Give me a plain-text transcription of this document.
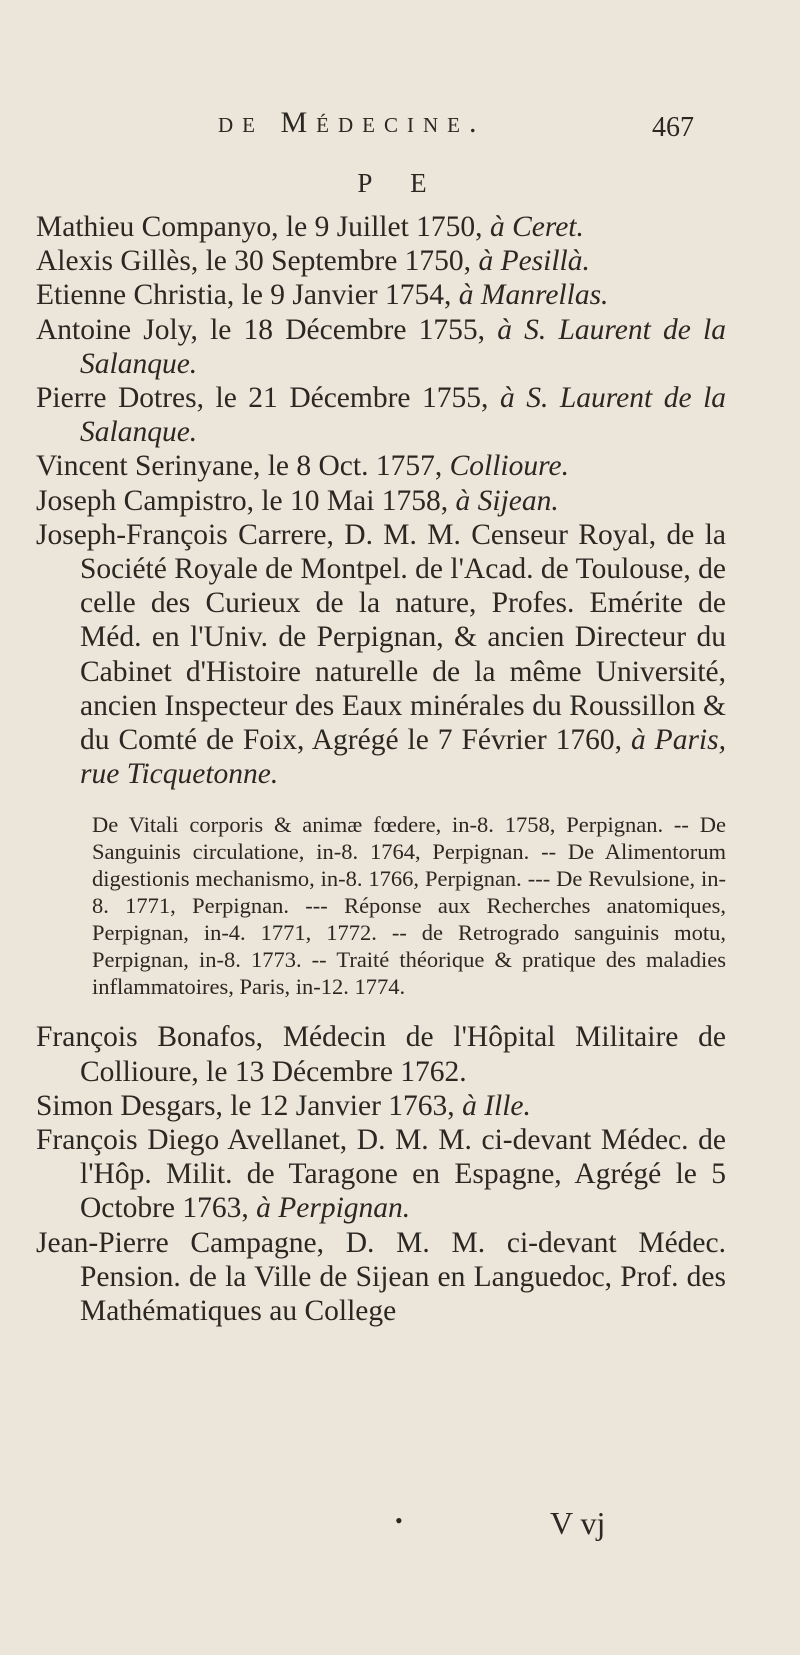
de Médecine.	467
P E
Mathieu Companyo, le 9 Juillet 1750, à Ceret.
Alexis Gillès, le 30 Septembre 1750, à Pesillà.
Etienne Christia, le 9 Janvier 1754, à Manrellas.
Antoine Joly, le 18 Décembre 1755, à S. Laurent de la Salanque.
Pierre Dotres, le 21 Décembre 1755, à S. Laurent de la Salanque.
Vincent Serinyane, le 8 Oct. 1757, Collioure.
Joseph Campistro, le 10 Mai 1758, à Sijean.
Joseph-François Carrere, D. M. M. Censeur Royal, de la Société Royale de Montpel. de l'Acad. de Toulouse, de celle des Curieux de la nature, Profes. Emérite de Méd. en l'Univ. de Perpignan, & ancien Directeur du Cabinet d'Histoire naturelle de la même Université, ancien Inspecteur des Eaux minérales du Roussillon & du Comté de Foix, Agrégé le 7 Février 1760, à Paris, rue Ticquetonne.
De Vitali corporis & animæ fœdere, in-8. 1758, Perpignan. -- De Sanguinis circulatione, in-8. 1764, Perpignan. -- De Alimentorum digestionis mechanismo, in-8. 1766, Perpignan. --- De Revulsione, in-8. 1771, Perpignan. --- Réponse aux Recherches anatomiques, Perpignan, in-4. 1771, 1772. -- de Retrogrado sanguinis motu, Perpignan, in-8. 1773. -- Traité théorique & pratique des maladies inflammatoires, Paris, in-12. 1774.
François Bonafos, Médecin de l'Hôpital Militaire de Collioure, le 13 Décembre 1762.
Simon Desgars, le 12 Janvier 1763, à Ille.
François Diego Avellanet, D. M. M. ci-devant Médec. de l'Hôp. Milit. de Taragone en Espagne, Agrégé le 5 Octobre 1763, à Perpignan.
Jean-Pierre Campagne, D. M. M. ci-devant Médec. Pension. de la Ville de Sijean en Languedoc, Prof. des Mathématiques au College
•	V vj
